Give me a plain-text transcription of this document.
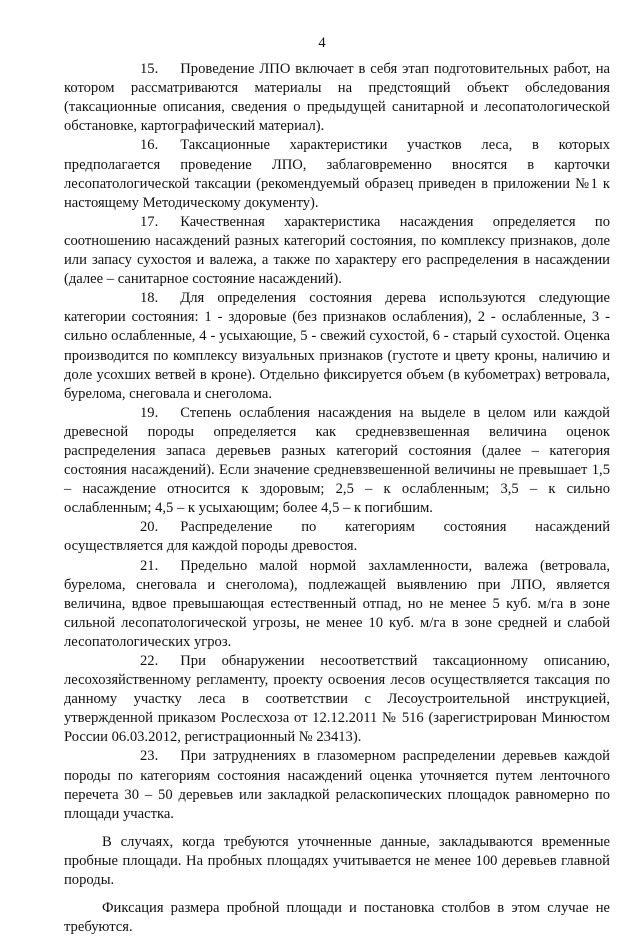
4

15. Проведение ЛПО включает в себя этап подготовительных работ, на котором рассматриваются материалы на предстоящий объект обследования (таксационные описания, сведения о предыдущей санитарной и лесопатологической обстановке, картографический материал).

16. Таксационные характеристики участков леса, в которых предполагается проведение ЛПО, заблаговременно вносятся в карточки лесопатологической таксации (рекомендуемый образец приведен в приложении №1 к настоящему Методическому документу).

17. Качественная характеристика насаждения определяется по соотношению насаждений разных категорий состояния, по комплексу признаков, доле или запасу сухостоя и валежа, а также по характеру его распределения в насаждении (далее – санитарное состояние насаждений).

18. Для определения состояния дерева используются следующие категории состояния: 1 - здоровые (без признаков ослабления), 2 - ослабленные, 3 - сильно ослабленные, 4 - усыхающие, 5 - свежий сухостой, 6 - старый сухостой. Оценка производится по комплексу визуальных признаков (густоте и цвету кроны, наличию и доле усохших ветвей в кроне). Отдельно фиксируется объем (в кубометрах) ветровала, бурелома, снеговала и снеголома.

19. Степень ослабления насаждения на выделе в целом или каждой древесной породы определяется как средневзвешенная величина оценок распределения запаса деревьев разных категорий состояния (далее – категория состояния насаждений). Если значение средневзвешенной величины не превышает 1,5 – насаждение относится к здоровым; 2,5 – к ослабленным; 3,5 – к сильно ослабленным; 4,5 – к усыхающим; более 4,5 – к погибшим.

20. Распределение по категориям состояния насаждений осуществляется для каждой породы древостоя.

21. Предельно малой нормой захламленности, валежа (ветровала, бурелома, снеговала и снеголома), подлежащей выявлению при ЛПО, является величина, вдвое превышающая естественный отпад, но не менее 5 куб. м/га в зоне сильной лесопатологической угрозы, не менее 10 куб. м/га в зоне средней и слабой лесопатологических угроз.

22. При обнаружении несоответствий таксационному описанию, лесохозяйственному регламенту, проекту освоения лесов осуществляется таксация по данному участку леса в соответствии с Лесоустроительной инструкцией, утвержденной приказом Рослесхоза от 12.12.2011 № 516 (зарегистрирован Минюстом России 06.03.2012, регистрационный № 23413).

23. При затруднениях в глазомерном распределении деревьев каждой породы по категориям состояния насаждений оценка уточняется путем ленточного перечета 30 – 50 деревьев или закладкой реласкопических площадок равномерно по площади участка.

В случаях, когда требуются уточненные данные, закладываются временные пробные площади. На пробных площадях учитывается не менее 100 деревьев главной породы.

Фиксация размера пробной площади и постановка столбов в этом случае не требуются.
